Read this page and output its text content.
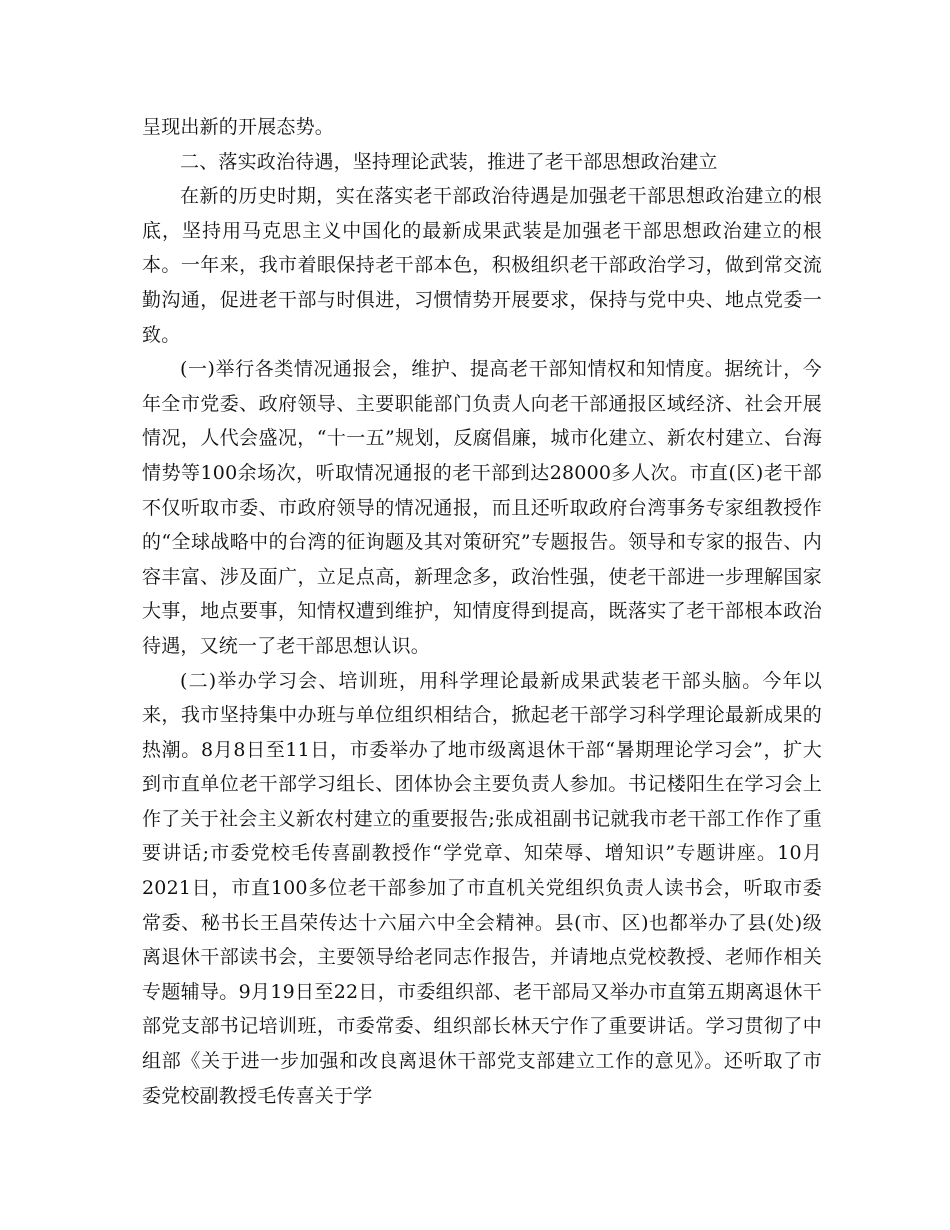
呈现出新的开展态势。

二、落实政治待遇，坚持理论武装，推进了老干部思想政治建立

在新的历史时期，实在落实老干部政治待遇是加强老干部思想政治建立的根底，坚持用马克思主义中国化的最新成果武装是加强老干部思想政治建立的根本。一年来，我市着眼保持老干部本色，积极组织老干部政治学习，做到常交流勤沟通，促进老干部与时俱进，习惯情势开展要求，保持与党中央、地点党委一致。

(一)举行各类情况通报会，维护、提高老干部知情权和知情度。据统计，今年全市党委、政府领导、主要职能部门负责人向老干部通报区域经济、社会开展情况，人代会盛况，“十一五”规划，反腐倡廉，城市化建立、新农村建立、台海情势等100余场次，听取情况通报的老干部到达28000多人次。市直(区)老干部不仅听取市委、市政府领导的情况通报，而且还听取政府台湾事务专家组教授作的“全球战略中的台湾的征询题及其对策研究”专题报告。领导和专家的报告、内容丰富、涉及面广，立足点高，新理念多，政治性强，使老干部进一步理解国家大事，地点要事，知情权遭到维护，知情度得到提高，既落实了老干部根本政治待遇，又统一了老干部思想认识。

(二)举办学习会、培训班，用科学理论最新成果武装老干部头脑。今年以来，我市坚持集中办班与单位组织相结合，掀起老干部学习科学理论最新成果的热潮。8月8日至11日，市委举办了地市级离退休干部“暑期理论学习会”，扩大到市直单位老干部学习组长、团体协会主要负责人参加。书记楼阳生在学习会上作了关于社会主义新农村建立的重要报告;张成祖副书记就我市老干部工作作了重要讲话;市委党校毛传喜副教授作“学党章、知荣辱、增知识”专题讲座。10月2021日，市直100多位老干部参加了市直机关党组织负责人读书会，听取市委常委、秘书长王昌荣传达十六届六中全会精神。县(市、区)也都举办了县(处)级离退休干部读书会，主要领导给老同志作报告，并请地点党校教授、老师作相关专题辅导。9月19日至22日，市委组织部、老干部局又举办市直第五期离退休干部党支部书记培训班，市委常委、组织部长林天宁作了重要讲话。学习贯彻了中组部《关于进一步加强和改良离退休干部党支部建立工作的意见》。还听取了市委党校副教授毛传喜关于学
